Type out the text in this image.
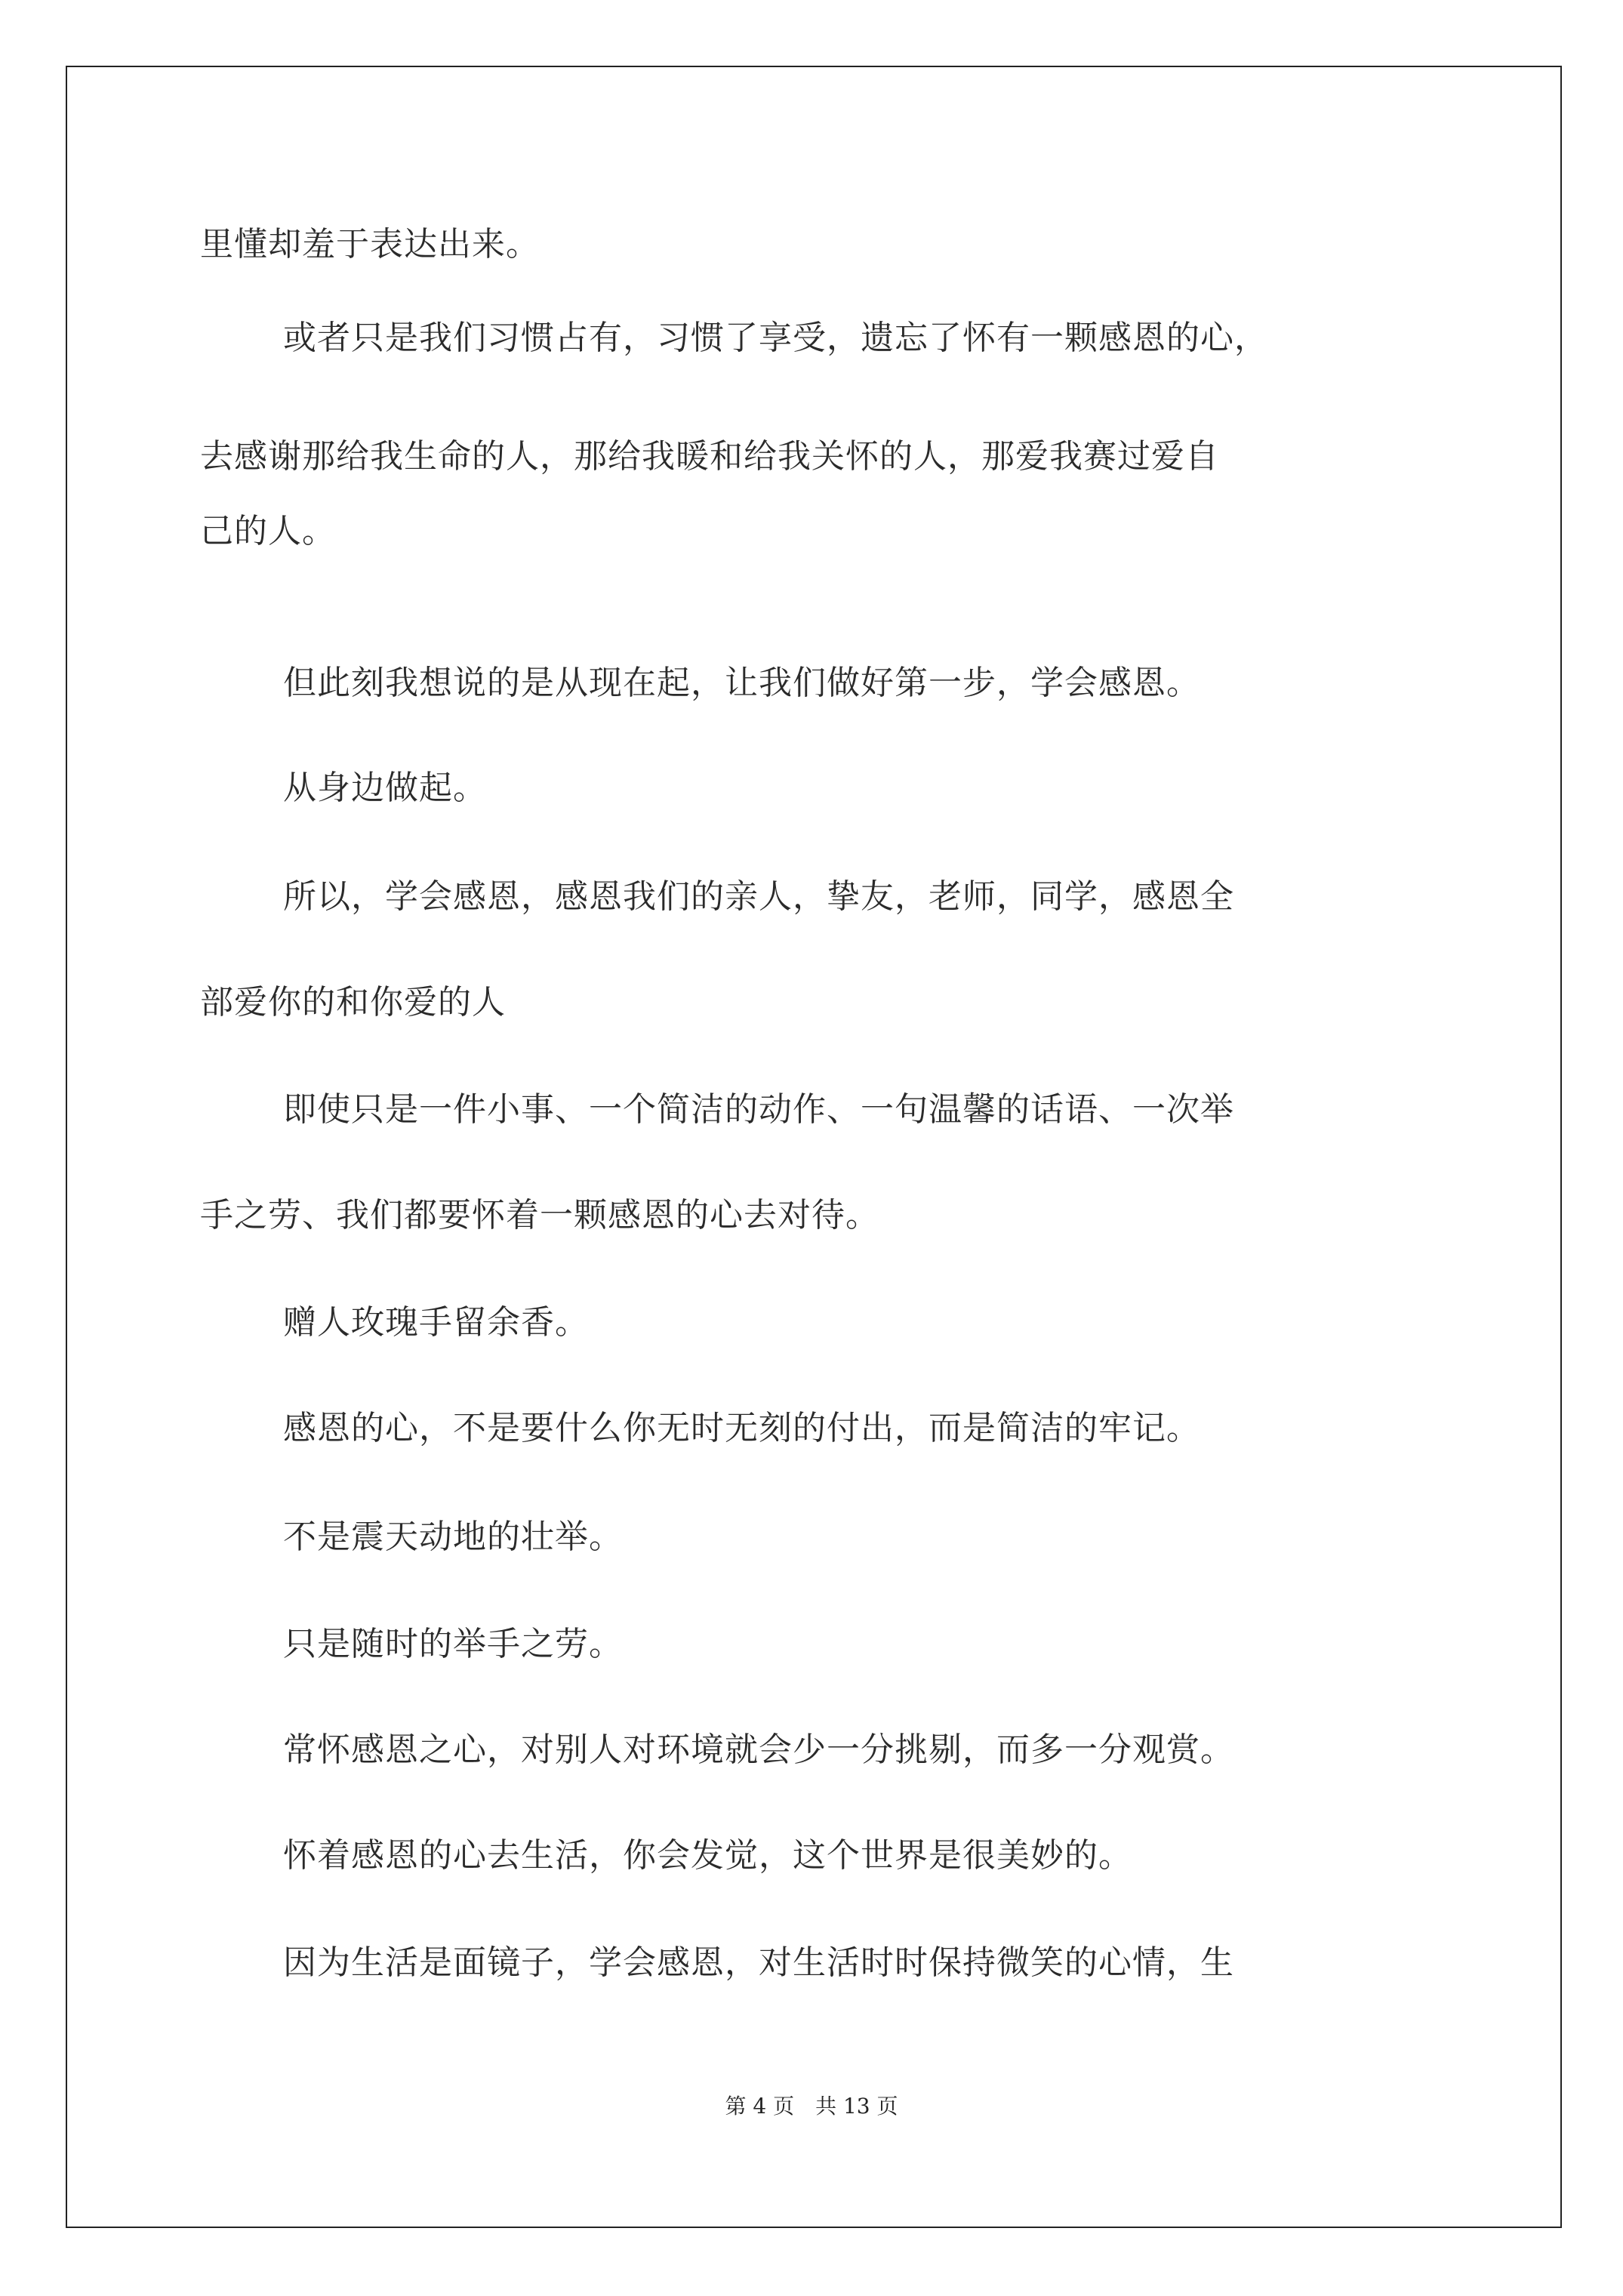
里懂却羞于表达出来。
或者只是我们习惯占有，习惯了享受，遗忘了怀有一颗感恩的心，
去感谢那给我生命的人，那给我暖和给我关怀的人，那爱我赛过爱自
己的人。
但此刻我想说的是从现在起，让我们做好第一步，学会感恩。
从身边做起。
所以，学会感恩，感恩我们的亲人，挚友，老师，同学，感恩全
部爱你的和你爱的人
即使只是一件小事、一个简洁的动作、一句温馨的话语、一次举
手之劳、我们都要怀着一颗感恩的心去对待。
赠人玫瑰手留余香。
感恩的心，不是要什么你无时无刻的付出，而是简洁的牢记。
不是震天动地的壮举。
只是随时的举手之劳。
常怀感恩之心，对别人对环境就会少一分挑剔，而多一分观赏。
怀着感恩的心去生活，你会发觉，这个世界是很美妙的。
因为生活是面镜子，学会感恩，对生活时时保持微笑的心情，生
第 4 页　共 13 页
